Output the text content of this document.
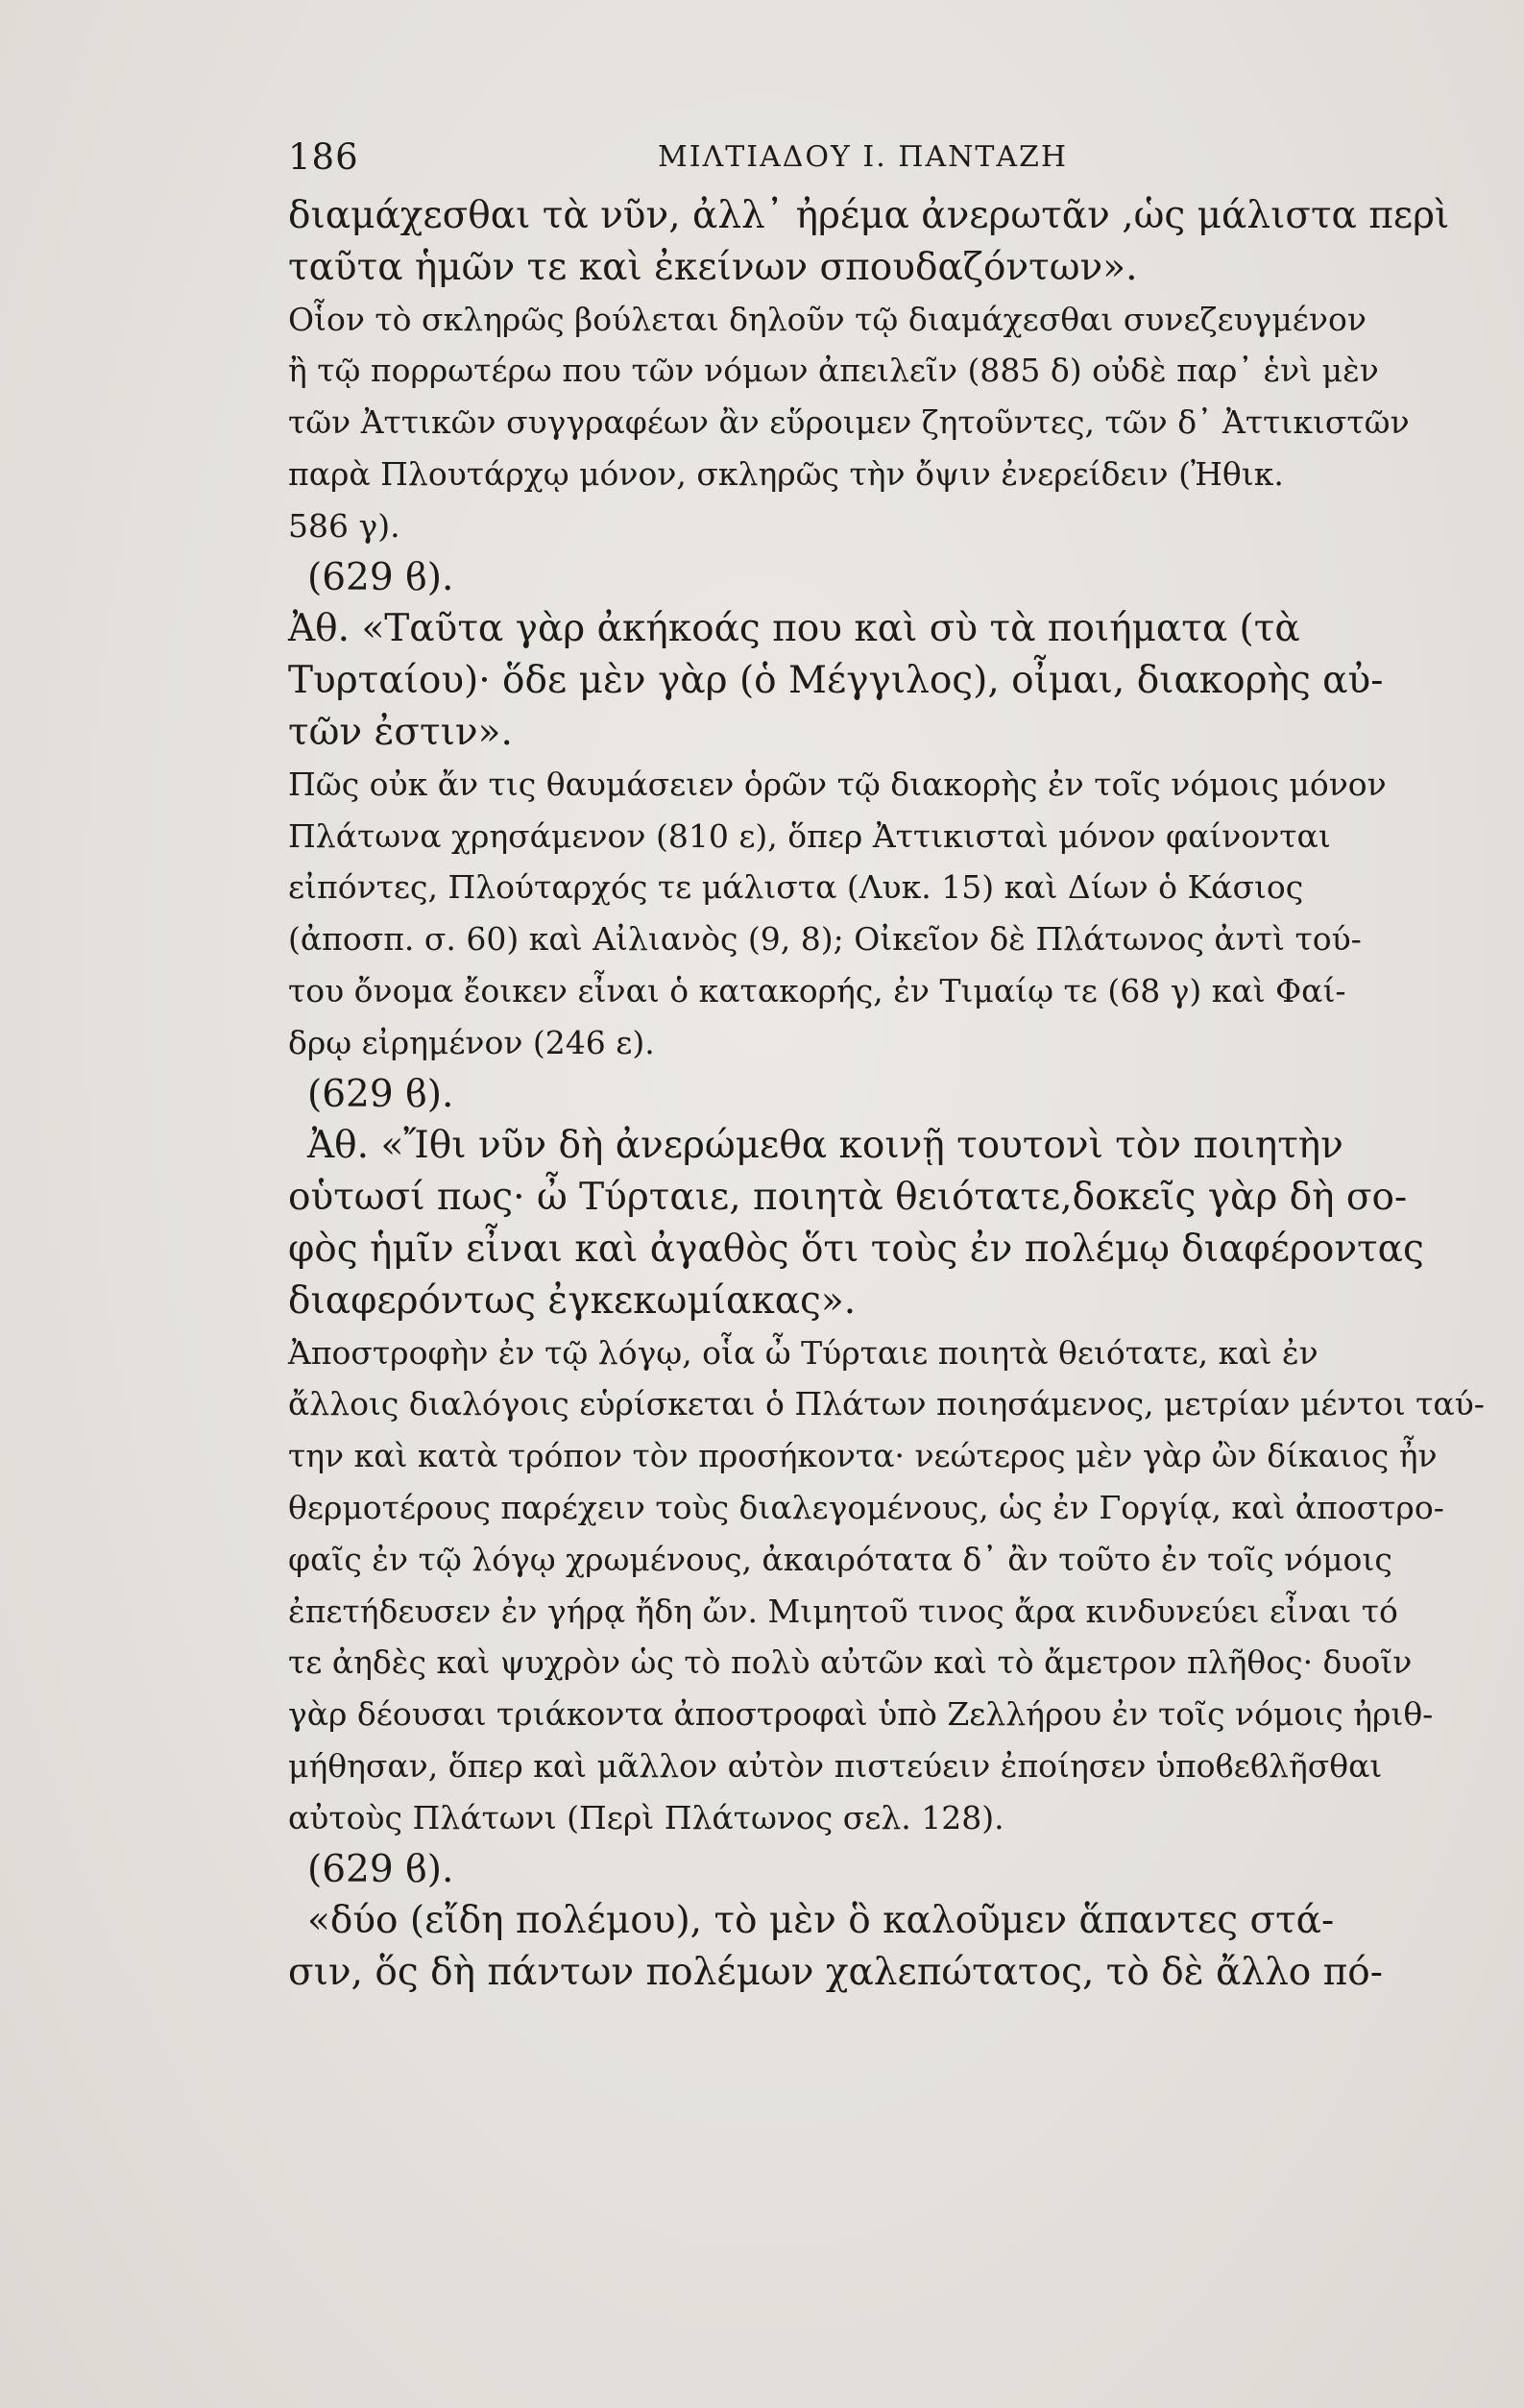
186	ΜΙΛΤΙΑΔΟΥ Ι. ΠΑΝΤΑΖΗ
διαμάχεσθαι τὰ νῦν, ἀλλ᾽ ἠρέμα ἀνερωτᾶν ,ὡς μάλιστα περὶ
ταῦτα ἡμῶν τε καὶ ἐκείνων σπουδαζόντων».
Οἷον τὸ σκληρῶς βούλεται δηλοῦν τῷ διαμάχεσθαι συνεζευγμένον
ἢ τῷ πορρωτέρω που τῶν νόμων ἀπειλεῖν (885 δ) οὐδὲ παρ᾽ ἑνὶ μὲν
τῶν Ἀττικῶν συγγραφέων ἂν εὕροιμεν ζητοῦντες, τῶν δ᾽ Ἀττικιστῶν
παρὰ Πλουτάρχῳ μόνον, σκληρῶς τὴν ὄψιν ἐνερείδειν (Ἠθικ.
586 γ).
(629 ϐ).
Ἀθ. «Ταῦτα γὰρ ἀκήκοάς που καὶ σὺ τὰ ποιήματα (τὰ
Τυρταίου)· ὅδε μὲν γὰρ (ὁ Μέγγιλος), οἶμαι, διακορὴς αὐ-
τῶν ἐστιν».
Πῶς οὐκ ἄν τις θαυμάσειεν ὁρῶν τῷ διακορὴς ἐν τοῖς νόμοις μόνον
Πλάτωνα χρησάμενον (810 ε), ὅπερ Ἀττικισταὶ μόνον φαίνονται
εἰπόντες, Πλούταρχός τε μάλιστα (Λυκ. 15) καὶ Δίων ὁ Κάσιος
(ἀποσπ. σ. 60) καὶ Αἰλιανὸς (9, 8); Οἰκεῖον δὲ Πλάτωνος ἀντὶ τού-
του ὄνομα ἔοικεν εἶναι ὁ κατακορής, ἐν Τιμαίῳ τε (68 γ) καὶ Φαί-
δρῳ εἰρημένον (246 ε).
(629 ϐ).
Ἀθ. «Ἴθι νῦν δὴ ἀνερώμεθα κοινῇ τουτονὶ τὸν ποιητὴν
οὑτωσί πως· ὦ Τύρταιε, ποιητὰ θειότατε,δοκεῖς γὰρ δὴ σο-
φὸς ἡμῖν εἶναι καὶ ἀγαθὸς ὅτι τοὺς ἐν πολέμῳ διαφέροντας
διαφερόντως ἐγκεκωμίακας».
Ἀποστροφὴν ἐν τῷ λόγῳ, οἷα ὦ Τύρταιε ποιητὰ θειότατε, καὶ ἐν
ἄλλοις διαλόγοις εὑρίσκεται ὁ Πλάτων ποιησάμενος, μετρίαν μέντοι ταύ-
την καὶ κατὰ τρόπον τὸν προσήκοντα· νεώτερος μὲν γὰρ ὢν δίκαιος ἦν
θερμοτέρους παρέχειν τοὺς διαλεγομένους, ὡς ἐν Γοργίᾳ, καὶ ἀποστρο-
φαῖς ἐν τῷ λόγῳ χρωμένους, ἀκαιρότατα δ᾽ ἂν τοῦτο ἐν τοῖς νόμοις
ἐπετήδευσεν ἐν γήρᾳ ἤδη ὤν. Μιμητοῦ τινος ἄρα κινδυνεύει εἶναι τό
τε ἀηδὲς καὶ ψυχρὸν ὡς τὸ πολὺ αὐτῶν καὶ τὸ ἄμετρον πλῆθος· δυοῖν
γὰρ δέουσαι τριάκοντα ἀποστροφαὶ ὑπὸ Ζελλήρου ἐν τοῖς νόμοις ἠριθ-
μήθησαν, ὅπερ καὶ μᾶλλον αὐτὸν πιστεύειν ἐποίησεν ὑποϐεϐλῆσθαι
αὐτοὺς Πλάτωνι (Περὶ Πλάτωνος σελ. 128).
(629 ϐ).
«δύο (εἴδη πολέμου), τὸ μὲν ὃ καλοῦμεν ἅπαντες στά-
σιν, ὅς δὴ πάντων πολέμων χαλεπώτατος, τὸ δὲ ἄλλο πό-
